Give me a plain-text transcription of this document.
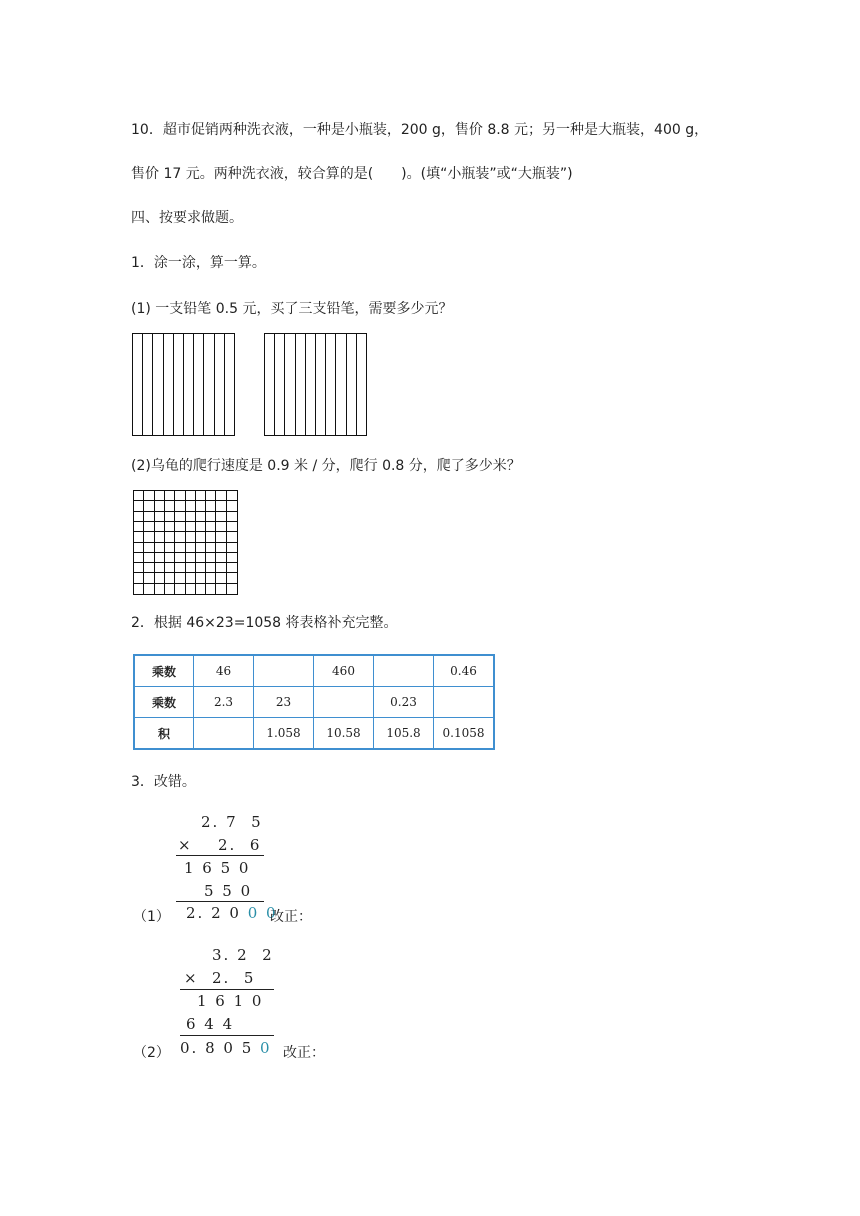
10．超市促销两种洗衣液，一种是小瓶装，200 g，售价 8.8 元；另一种是大瓶装，400 g，
售价 17 元。两种洗衣液，较合算的是(　　)。(填“小瓶装”或“大瓶装”)
四、按要求做题。
1．涂一涂，算一算。
(1) 一支铅笔 0.5 元，买了三支铅笔，需要多少元？
(2)乌龟的爬行速度是 0.9 米 / 分，爬行 0.8 分，爬了多少米？
2．根据 46×23=1058 将表格补充完整。
乘数	46		460		0.46
乘数	2.3	23		0.23	
积		1.058	10.58	105.8	0.1058
3．改错。
2. 7  5
× 2.  6
1 6 5 0
5 5 0
2. 2 0 0 0
（1）	改正：
3. 2  2
× 2.  5
1 6 1 0
6 4 4
0. 8 0 5 0
（2）	改正：
